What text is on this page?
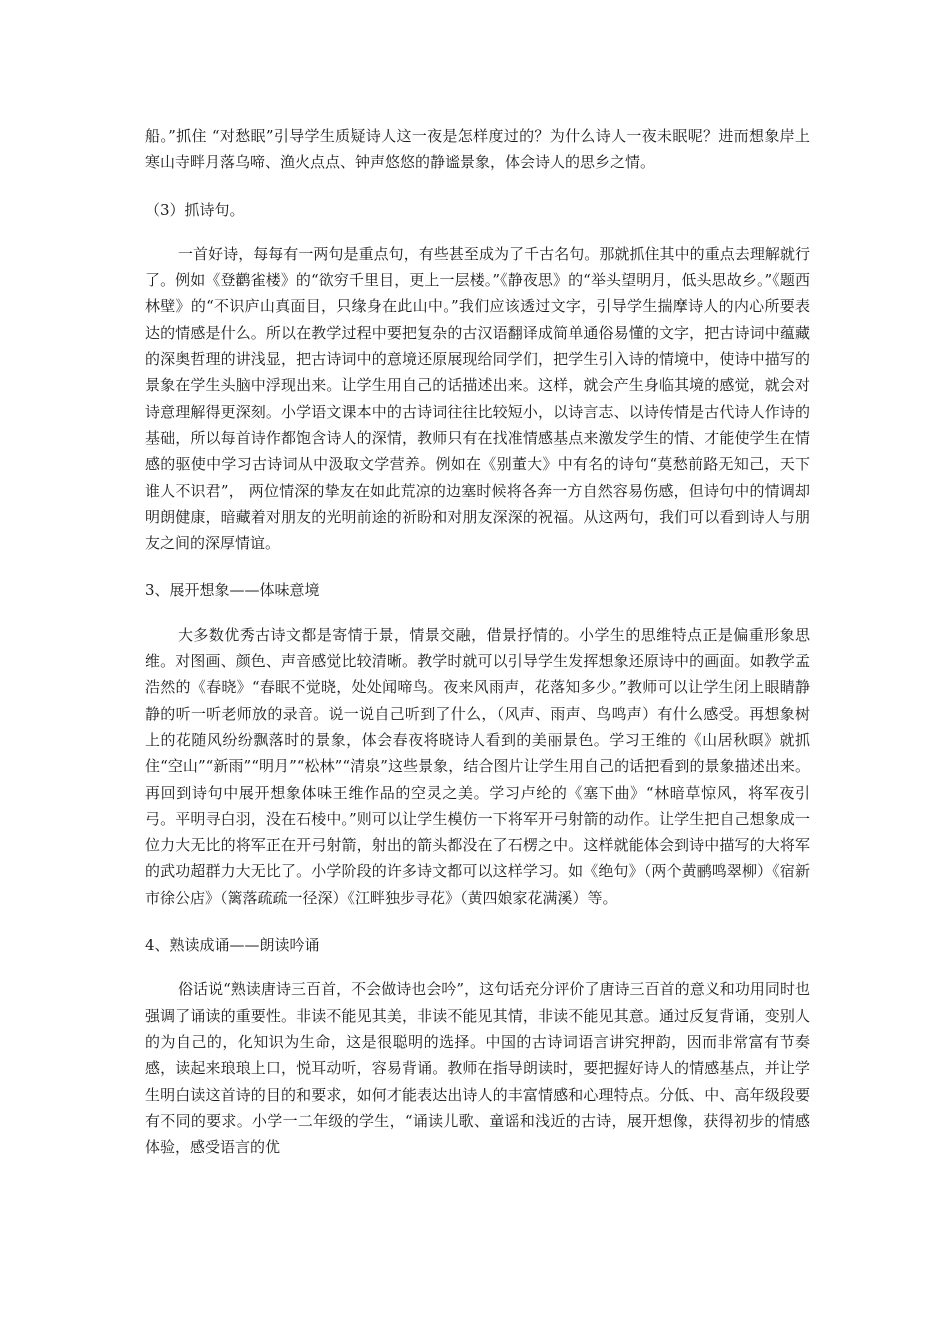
船。”抓住 “对愁眠”引导学生质疑诗人这一夜是怎样度过的？为什么诗人一夜未眠呢？进而想象岸上寒山寺畔月落乌啼、渔火点点、钟声悠悠的静谧景象，体会诗人的思乡之情。

（3）抓诗句。

一首好诗，每每有一两句是重点句，有些甚至成为了千古名句。那就抓住其中的重点去理解就行了。例如《登鹳雀楼》的“欲穷千里目，更上一层楼。”《静夜思》的“举头望明月，低头思故乡。”《题西林壁》的“不识庐山真面目，只缘身在此山中。”我们应该透过文字，引导学生揣摩诗人的内心所要表达的情感是什么。所以在教学过程中要把复杂的古汉语翻译成简单通俗易懂的文字，把古诗词中蕴藏的深奥哲理的讲浅显，把古诗词中的意境还原展现给同学们，把学生引入诗的情境中，使诗中描写的景象在学生头脑中浮现出来。让学生用自己的话描述出来。这样，就会产生身临其境的感觉，就会对诗意理解得更深刻。小学语文课本中的古诗词往往比较短小，以诗言志、以诗传情是古代诗人作诗的基础，所以每首诗作都饱含诗人的深情，教师只有在找准情感基点来激发学生的情、才能使学生在情感的驱使中学习古诗词从中汲取文学营养。例如在《别董大》中有名的诗句“莫愁前路无知己，天下谁人不识君”， 两位情深的挚友在如此荒凉的边塞时候将各奔一方自然容易伤感，但诗句中的情调却明朗健康，暗藏着对朋友的光明前途的祈盼和对朋友深深的祝福。从这两句，我们可以看到诗人与朋友之间的深厚情谊。

3、展开想象——体味意境

大多数优秀古诗文都是寄情于景，情景交融，借景抒情的。小学生的思维特点正是偏重形象思维。对图画、颜色、声音感觉比较清晰。教学时就可以引导学生发挥想象还原诗中的画面。如教学孟浩然的《春晓》“春眠不觉晓，处处闻啼鸟。夜来风雨声，花落知多少。”教师可以让学生闭上眼睛静静的听一听老师放的录音。说一说自己听到了什么，（风声、雨声、鸟鸣声）有什么感受。再想象树上的花随风纷纷飘落时的景象，体会春夜将晓诗人看到的美丽景色。学习王维的《山居秋暝》就抓住“空山”“新雨”“明月”“松林”“清泉”这些景象，结合图片让学生用自己的话把看到的景象描述出来。再回到诗句中展开想象体味王维作品的空灵之美。学习卢纶的《塞下曲》“林暗草惊风，将军夜引弓。平明寻白羽，没在石棱中。”则可以让学生模仿一下将军开弓射箭的动作。让学生把自己想象成一位力大无比的将军正在开弓射箭，射出的箭头都没在了石楞之中。这样就能体会到诗中描写的大将军的武功超群力大无比了。小学阶段的许多诗文都可以这样学习。如《绝句》（两个黄鹂鸣翠柳）《宿新市徐公店》（篱落疏疏一径深）《江畔独步寻花》（黄四娘家花满溪）等。

4、熟读成诵——朗读吟诵

俗话说“熟读唐诗三百首，不会做诗也会吟”，这句话充分评价了唐诗三百首的意义和功用同时也强调了诵读的重要性。非读不能见其美，非读不能见其情，非读不能见其意。通过反复背诵，变别人的为自己的，化知识为生命，这是很聪明的选择。中国的古诗词语言讲究押韵，因而非常富有节奏感，读起来琅琅上口，悦耳动听，容易背诵。教师在指导朗读时，要把握好诗人的情感基点，并让学生明白读这首诗的目的和要求，如何才能表达出诗人的丰富情感和心理特点。分低、中、高年级段要有不同的要求。小学一二年级的学生，“诵读儿歌、童谣和浅近的古诗，展开想像，获得初步的情感体验，感受语言的优
